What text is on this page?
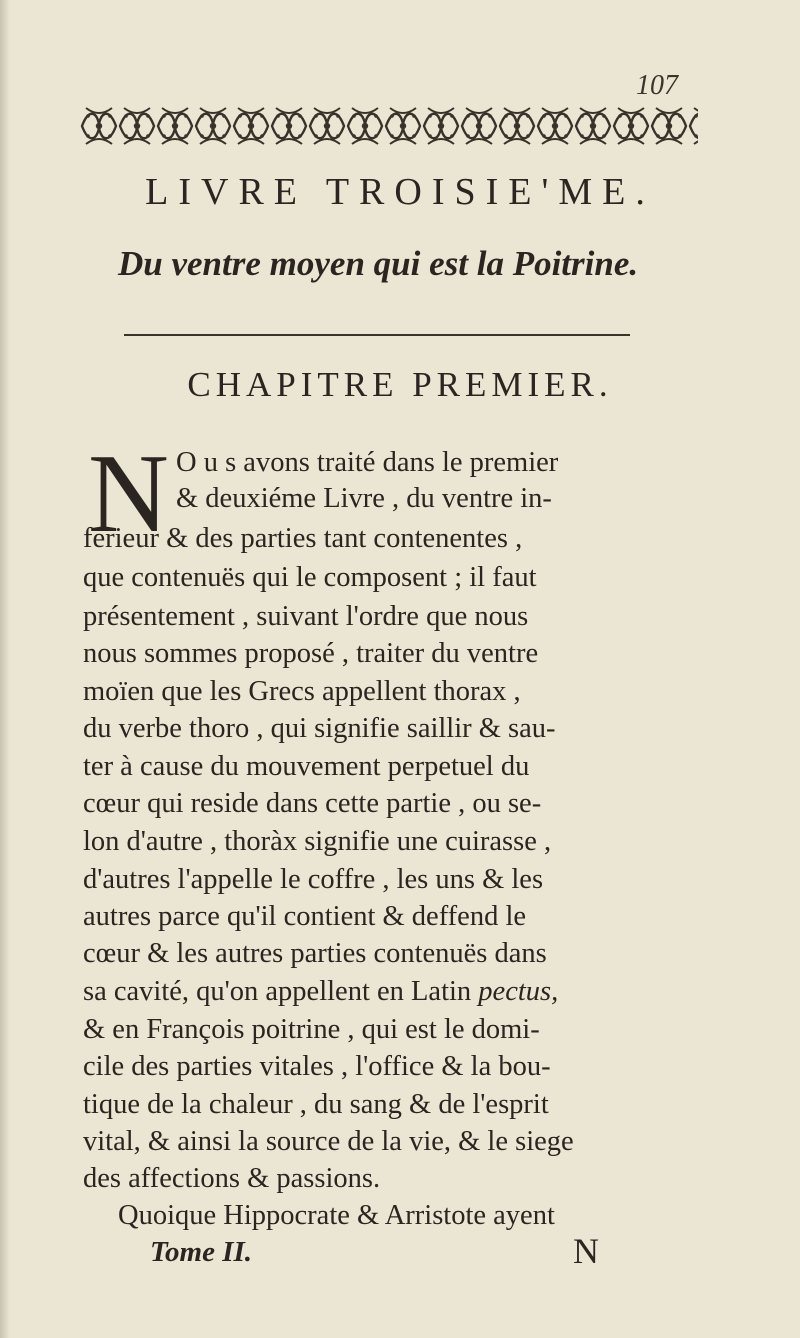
107
LIVRE TROISIE'ME.
Du ventre moyen qui est la Poitrine.
CHAPITRE PREMIER.
N O u s avons traité dans le premier
& deuxiéme Livre , du ventre in-
ferieur & des parties tant contenentes ,
que contenuës qui le composent ; il faut
présentement , suivant l'ordre que nous
nous sommes proposé , traiter du ventre
moïen que les Grecs appellent thorax ,
du verbe thoro , qui signifie saillir & sau-
ter à cause du mouvement perpetuel du
cœur qui reside dans cette partie , ou se-
lon d'autre , thoràx signifie une cuirasse ,
d'autres l'appelle le coffre , les uns & les
autres parce qu'il contient & deffend le
cœur & les autres parties contenuës dans
sa cavité, qu'on appellent en Latin pectus,
& en François poitrine , qui est le domi-
cile des parties vitales , l'office & la bou-
tique de la chaleur , du sang & de l'esprit
vital, & ainsi la source de la vie, & le siege
des affections & passions.
Quoique Hippocrate & Arristote ayent
Tome II.	N
